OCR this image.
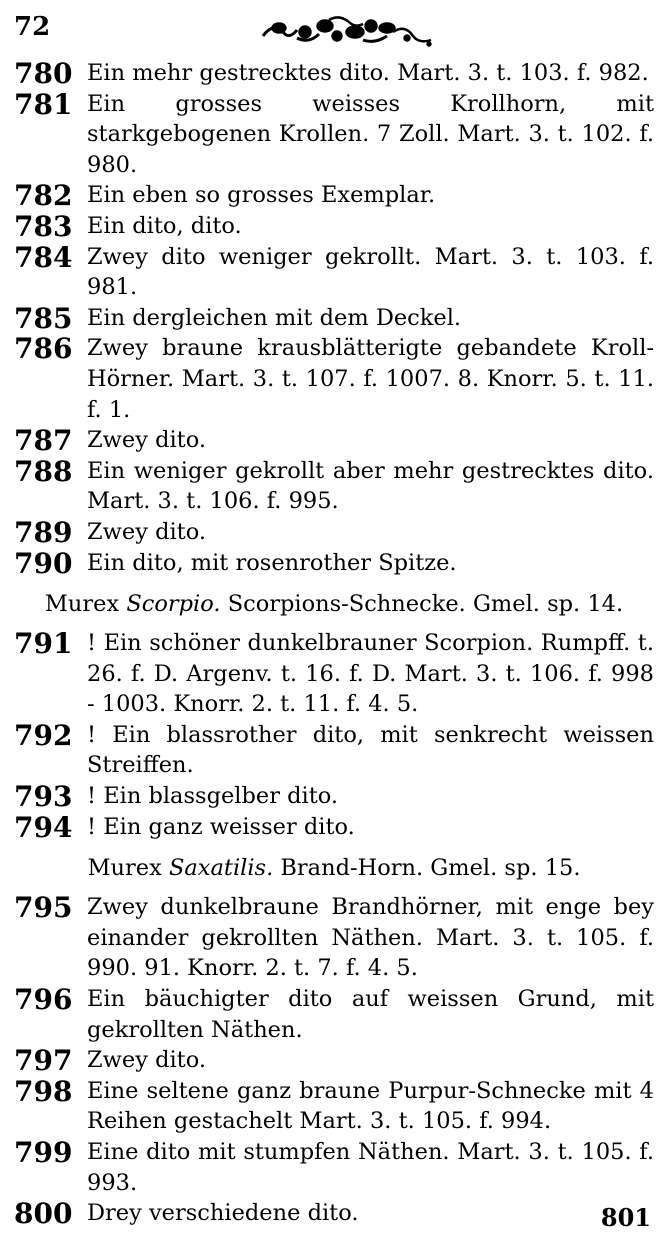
72
780 Ein mehr gestrecktes dito. Mart. 3. t. 103. f. 982.
781 Ein grosses weisses Krollhorn, mit starkgebogenen Krollen. 7 Zoll. Mart. 3. t. 102. f. 980.
782 Ein eben so grosses Exemplar.
783 Ein dito, dito.
784 Zwey dito weniger gekrollt. Mart. 3. t. 103. f. 981.
785 Ein dergleichen mit dem Deckel.
786 Zwey braune krausblätterigte gebandete Kroll-Hörner. Mart. 3. t. 107. f. 1007. 8. Knorr. 5. t. 11. f. 1.
787 Zwey dito.
788 Ein weniger gekrollt aber mehr gestrecktes dito. Mart. 3. t. 106. f. 995.
789 Zwey dito.
790 Ein dito, mit rosenrother Spitze.
Murex Scorpio. Scorpions-Schnecke. Gmel. sp. 14.
791 ! Ein schöner dunkelbrauner Scorpion. Rumpff. t. 26. f. D. Argenv. t. 16. f. D. Mart. 3. t. 106. f. 998 - 1003. Knorr. 2. t. 11. f. 4. 5.
792 ! Ein blassrother dito, mit senkrecht weissen Streiffen.
793 ! Ein blassgelber dito.
794 ! Ein ganz weisser dito.
Murex Saxatilis. Brand-Horn. Gmel. sp. 15.
795 Zwey dunkelbraune Brandhörner, mit enge bey einander gekrollten Näthen. Mart. 3. t. 105. f. 990. 91. Knorr. 2. t. 7. f. 4. 5.
796 Ein bäuchigter dito auf weissen Grund, mit gekrollten Näthen.
797 Zwey dito.
798 Eine seltene ganz braune Purpur-Schnecke mit 4 Reihen gestachelt Mart. 3. t. 105. f. 994.
799 Eine dito mit stumpfen Näthen. Mart. 3. t. 105. f. 993.
800 Drey verschiedene dito.	801
